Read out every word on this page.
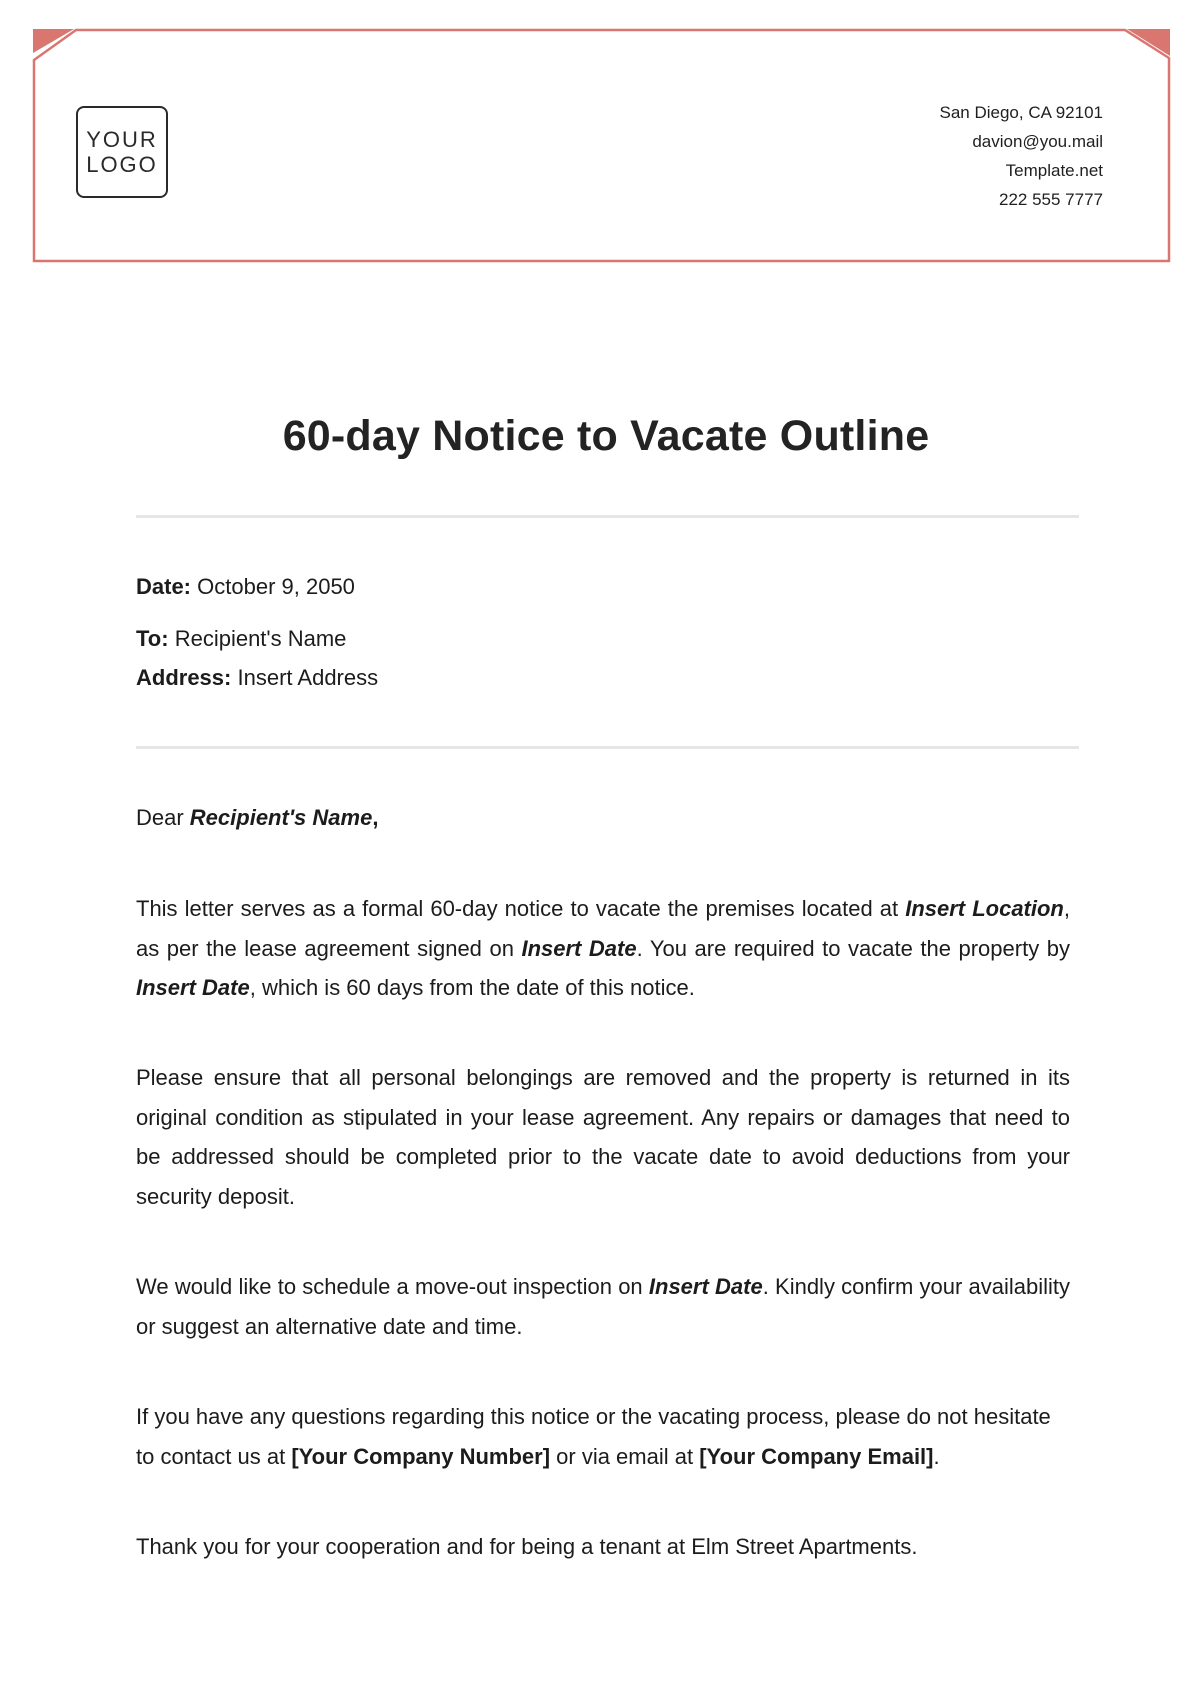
YOUR
LOGO
San Diego, CA 92101
davion@you.mail
Template.net
222 555 7777
60-day Notice to Vacate Outline
Date: October 9, 2050
To: Recipient's Name
Address: Insert Address

Dear Recipient's Name,

This letter serves as a formal 60-day notice to vacate the premises located at Insert Location, as per the lease agreement signed on Insert Date. You are required to vacate the property by Insert Date, which is 60 days from the date of this notice.

Please ensure that all personal belongings are removed and the property is returned in its original condition as stipulated in your lease agreement. Any repairs or damages that need to be addressed should be completed prior to the vacate date to avoid deductions from your security deposit.

We would like to schedule a move-out inspection on Insert Date. Kindly confirm your availability or suggest an alternative date and time.

If you have any questions regarding this notice or the vacating process, please do not hesitate to contact us at [Your Company Number] or via email at [Your Company Email].

Thank you for your cooperation and for being a tenant at Elm Street Apartments.
